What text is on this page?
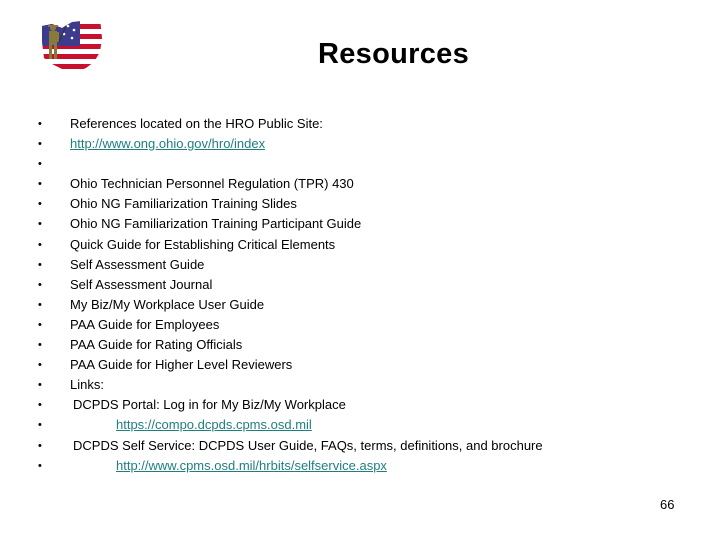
Resources
•	References located on the HRO Public Site:
•	http://www.ong.ohio.gov/hro/index
•
•	Ohio Technician Personnel Regulation (TPR) 430
•	Ohio NG Familiarization Training Slides
•	Ohio NG Familiarization Training Participant Guide
•	Quick Guide for Establishing Critical Elements
•	Self Assessment Guide
•	Self Assessment Journal
•	My Biz/My Workplace User Guide
•	PAA Guide for Employees
•	PAA Guide for Rating Officials
•	PAA Guide for Higher Level Reviewers
•	Links:
•	DCPDS Portal: Log in for My Biz/My Workplace
•	https://compo.dcpds.cpms.osd.mil
•	DCPDS Self Service: DCPDS User Guide, FAQs, terms, definitions, and brochure
•	http://www.cpms.osd.mil/hrbits/selfservice.aspx
66
